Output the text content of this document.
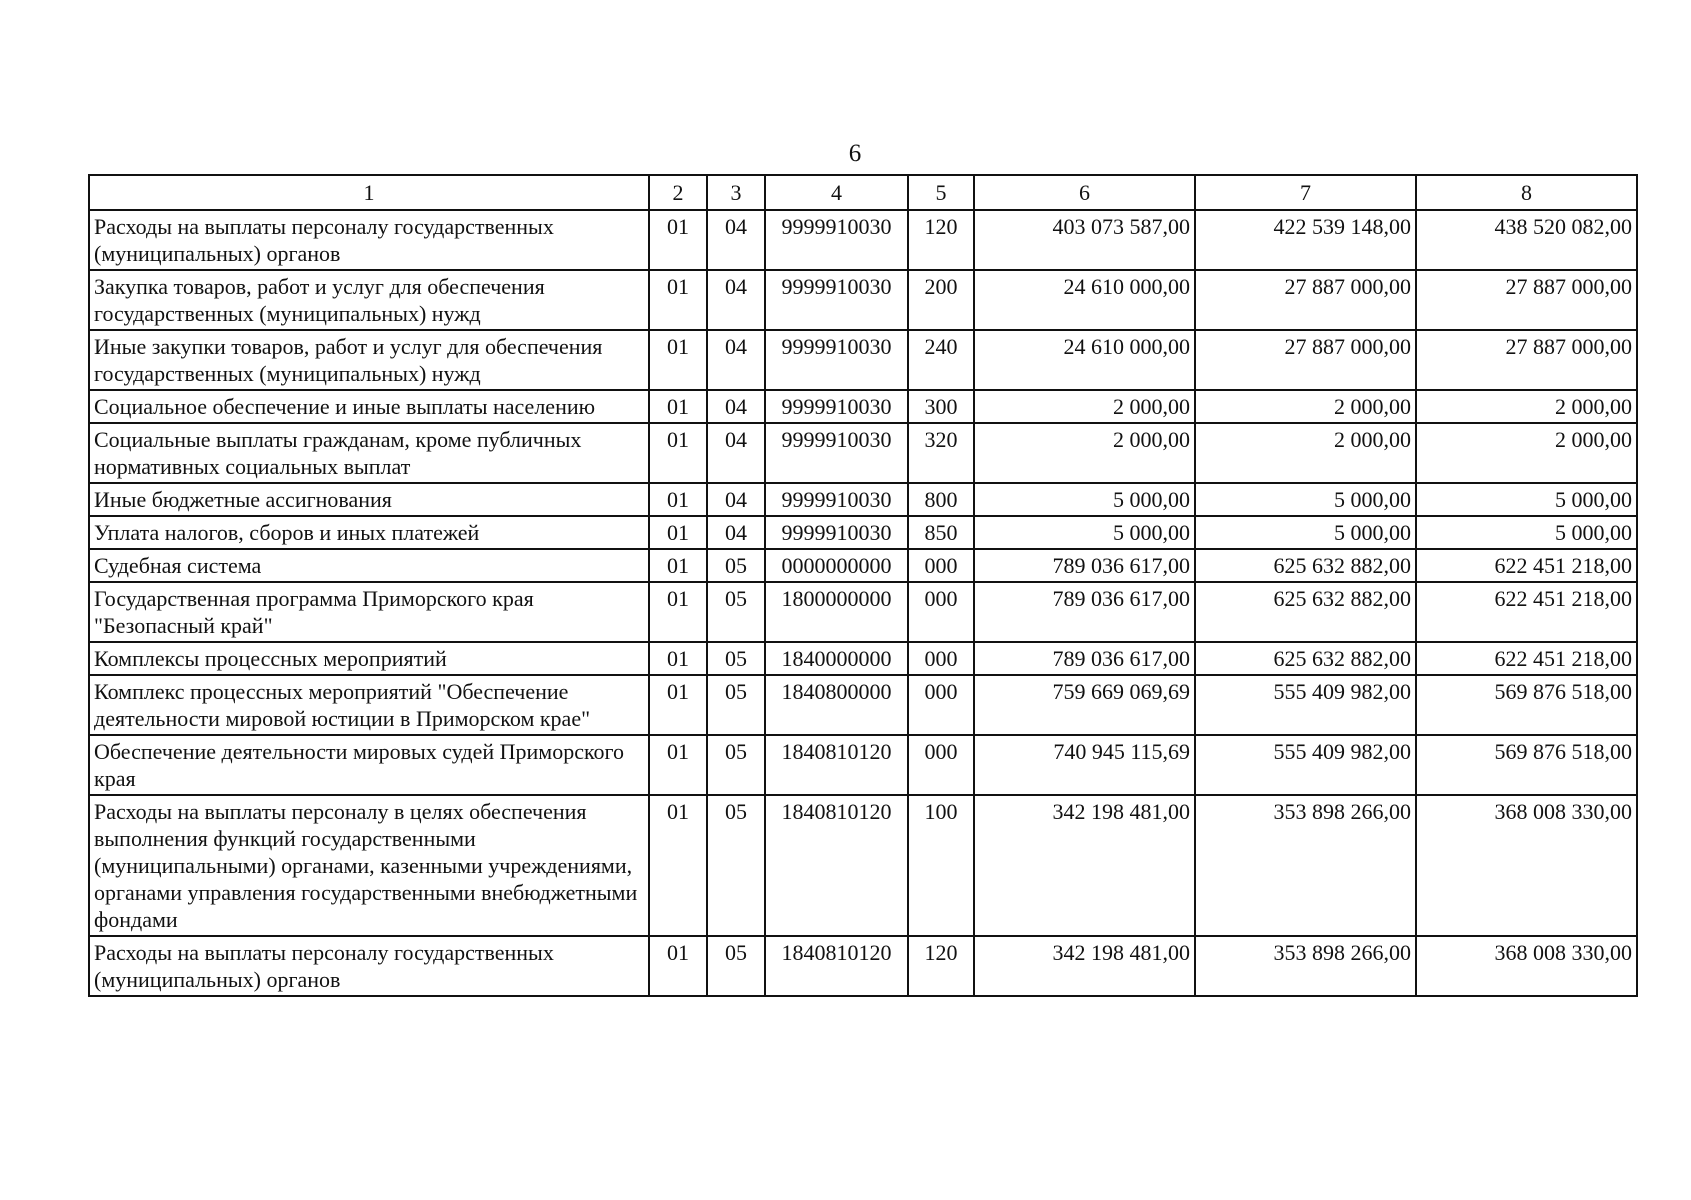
6
1	2	3	4	5	6	7	8
Расходы на выплаты персоналу государственных (муниципальных) органов	01	04	9999910030	120	403 073 587,00	422 539 148,00	438 520 082,00
Закупка товаров, работ и услуг для обеспечения государственных (муниципальных) нужд	01	04	9999910030	200	24 610 000,00	27 887 000,00	27 887 000,00
Иные закупки товаров, работ и услуг для обеспечения государственных (муниципальных) нужд	01	04	9999910030	240	24 610 000,00	27 887 000,00	27 887 000,00
Социальное обеспечение и иные выплаты населению	01	04	9999910030	300	2 000,00	2 000,00	2 000,00
Социальные выплаты гражданам, кроме публичных нормативных социальных выплат	01	04	9999910030	320	2 000,00	2 000,00	2 000,00
Иные бюджетные ассигнования	01	04	9999910030	800	5 000,00	5 000,00	5 000,00
Уплата налогов, сборов и иных платежей	01	04	9999910030	850	5 000,00	5 000,00	5 000,00
Судебная система	01	05	0000000000	000	789 036 617,00	625 632 882,00	622 451 218,00
Государственная программа Приморского края "Безопасный край"	01	05	1800000000	000	789 036 617,00	625 632 882,00	622 451 218,00
Комплексы процессных мероприятий	01	05	1840000000	000	789 036 617,00	625 632 882,00	622 451 218,00
Комплекс процессных мероприятий "Обеспечение деятельности мировой юстиции в Приморском крае"	01	05	1840800000	000	759 669 069,69	555 409 982,00	569 876 518,00
Обеспечение деятельности мировых судей Приморского края	01	05	1840810120	000	740 945 115,69	555 409 982,00	569 876 518,00
Расходы на выплаты персоналу в целях обеспечения выполнения функций государственными (муниципальными) органами, казенными учреждениями, органами управления государственными внебюджетными фондами	01	05	1840810120	100	342 198 481,00	353 898 266,00	368 008 330,00
Расходы на выплаты персоналу государственных (муниципальных) органов	01	05	1840810120	120	342 198 481,00	353 898 266,00	368 008 330,00
